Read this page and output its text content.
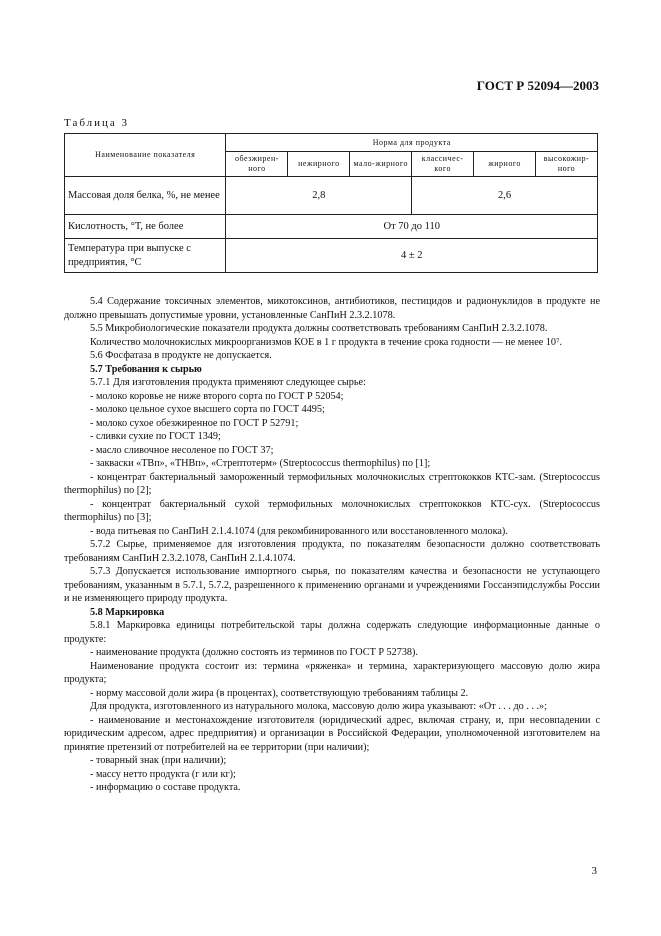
ГОСТ Р 52094—2003
Таблица 3
Наименование показателя	Норма для продукта					
	обезжирен-ного	нежирного	мало-жирного	классичес-кого	жирного	высокожир-ного
Массовая доля белка, %, не менее	2,8			2,6		
Кислотность, °Т, не более	От 70 до 110					
Температура при выпуске с предприятия, °С	4 ± 2					

5.4 Содержание токсичных элементов, микотоксинов, антибиотиков, пестицидов и радионуклидов в продукте не должно превышать допустимые уровни, установленные СанПиН 2.3.2.1078.

5.5 Микробиологические показатели продукта должны соответствовать требованиям СанПиН 2.3.2.1078.

Количество молочнокислых микроорганизмов КОЕ в 1 г продукта в течение срока годности — не менее 10⁷.

5.6 Фосфатаза в продукте не допускается.

5.7 Требования к сырью

5.7.1 Для изготовления продукта применяют следующее сырье:

- молоко коровье не ниже второго сорта по ГОСТ Р 52054;

- молоко цельное сухое высшего сорта по ГОСТ 4495;

- молоко сухое обезжиренное по ГОСТ Р 52791;

- сливки сухие по ГОСТ 1349;

- масло сливочное несоленое по ГОСТ 37;

- закваски «ТВп», «ТНВп», «Стрептотерм» (Streptococcus thermophilus) по [1];

- концентрат бактериальный замороженный термофильных молочнокислых стрептококков КТС-зам. (Streptococcus thermophilus) по [2];

- концентрат бактериальный сухой термофильных молочнокислых стрептококков КТС-сух. (Streptococcus thermophilus) по [3];

- вода питьевая по СанПиН 2.1.4.1074 (для рекомбинированного или восстановленного молока).

5.7.2 Сырье, применяемое для изготовления продукта, по показателям безопасности должно соответствовать требованиям СанПиН 2.3.2.1078, СанПиН 2.1.4.1074.

5.7.3 Допускается использование импортного сырья, по показателям качества и безопасности не уступающего требованиям, указанным в 5.7.1, 5.7.2, разрешенного к применению органами и учреждениями Госсанэпидслужбы России и не изменяющего природу продукта.

5.8 Маркировка

5.8.1 Маркировка единицы потребительской тары должна содержать следующие информационные данные о продукте:

- наименование продукта (должно состоять из терминов по ГОСТ Р 52738).

Наименование продукта состоит из: термина «ряженка» и термина, характеризующего массовую долю жира продукта;

- норму массовой доли жира (в процентах), соответствующую требованиям таблицы 2.

Для продукта, изготовленного из натурального молока, массовую долю жира указывают: «От . . . до . . .»;

- наименование и местонахождение изготовителя (юридический адрес, включая страну, и, при несовпадении с юридическим адресом, адрес предприятия) и организации в Российской Федерации, уполномоченной изготовителем на принятие претензий от потребителей на ее территории (при наличии);

- товарный знак (при наличии);

- массу нетто продукта (г или кг);

- информацию о составе продукта.

3
